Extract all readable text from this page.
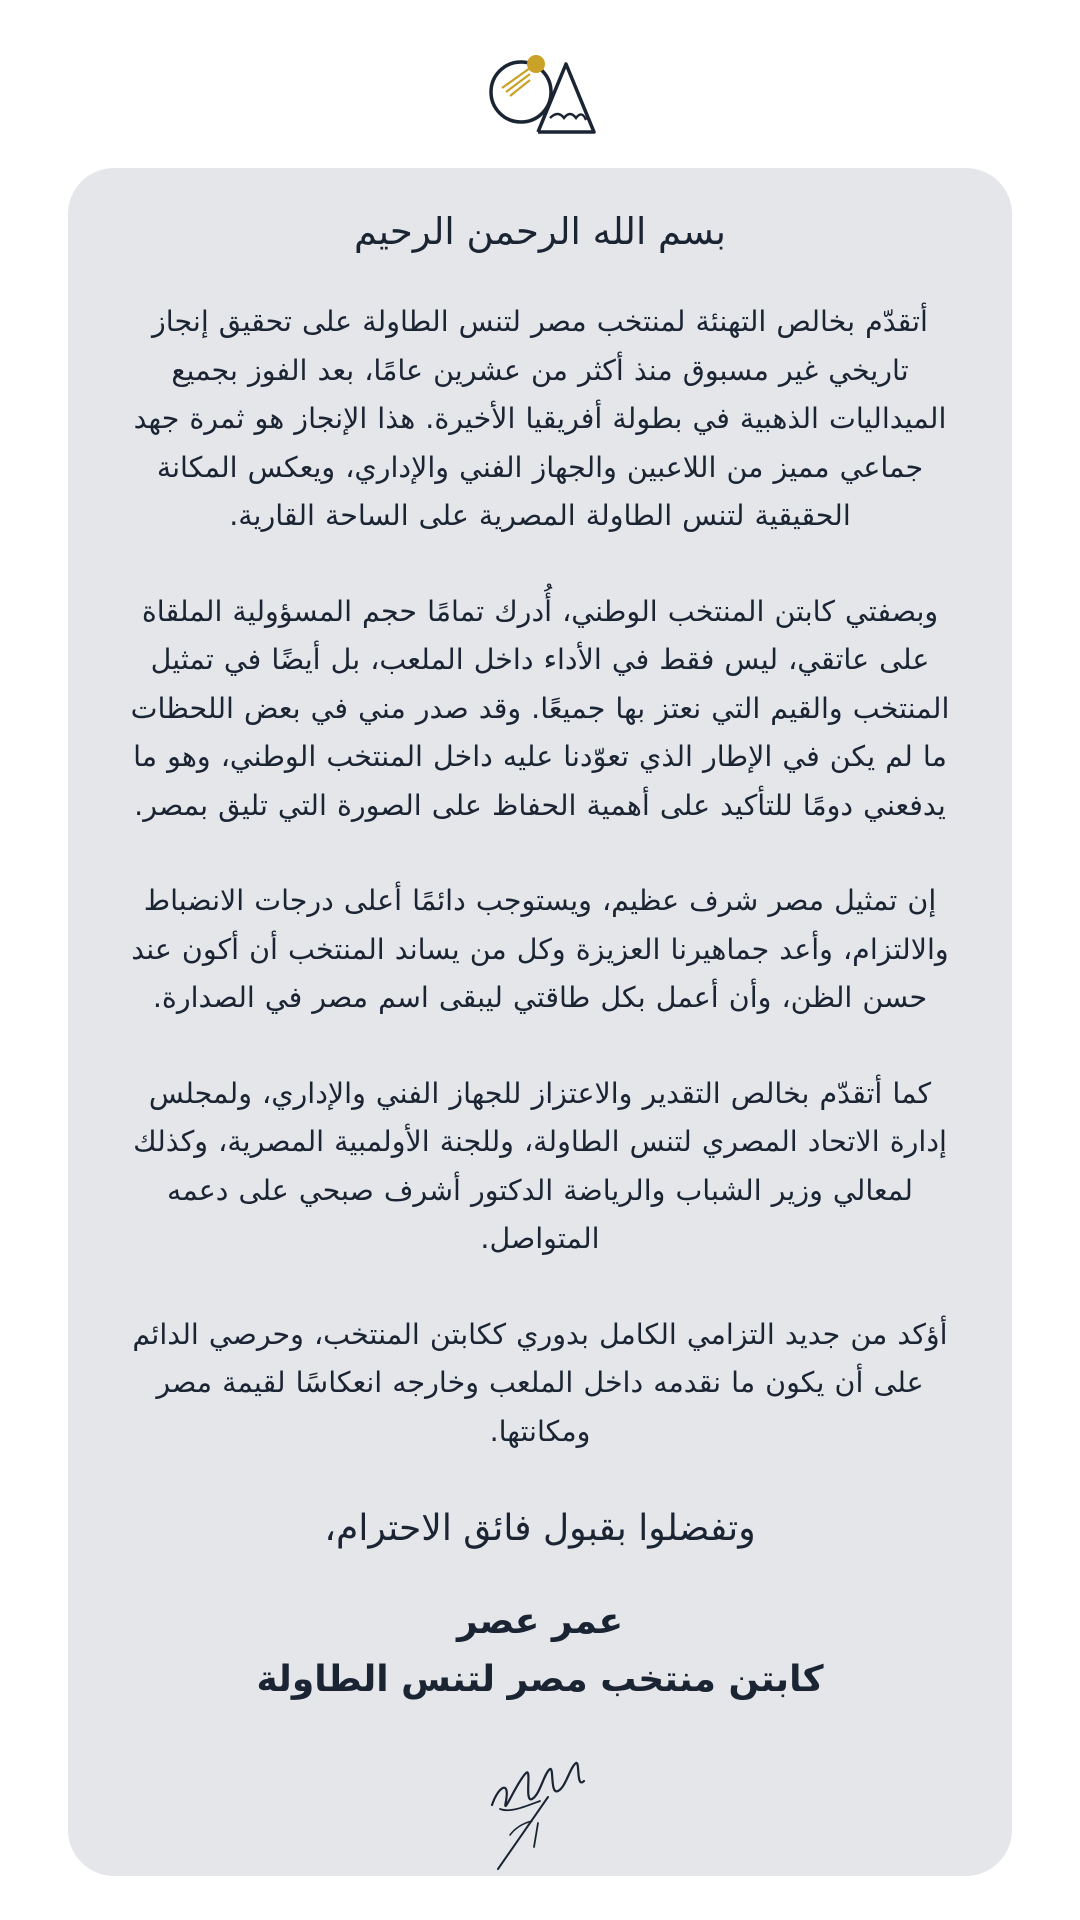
بسم الله الرحمن الرحيم

أتقدّم بخالص التهنئة لمنتخب مصر لتنس الطاولة على تحقيق إنجاز تاريخي غير مسبوق منذ أكثر من عشرين عامًا، بعد الفوز بجميع الميداليات الذهبية في بطولة أفريقيا الأخيرة. هذا الإنجاز هو ثمرة جهد جماعي مميز من اللاعبين والجهاز الفني والإداري، ويعكس المكانة الحقيقية لتنس الطاولة المصرية على الساحة القارية.

وبصفتي كابتن المنتخب الوطني، أُدرك تمامًا حجم المسؤولية الملقاة على عاتقي، ليس فقط في الأداء داخل الملعب، بل أيضًا في تمثيل المنتخب والقيم التي نعتز بها جميعًا. وقد صدر مني في بعض اللحظات ما لم يكن في الإطار الذي تعوّدنا عليه داخل المنتخب الوطني، وهو ما يدفعني دومًا للتأكيد على أهمية الحفاظ على الصورة التي تليق بمصر.

إن تمثيل مصر شرف عظيم، ويستوجب دائمًا أعلى درجات الانضباط والالتزام، وأعد جماهيرنا العزيزة وكل من يساند المنتخب أن أكون عند حسن الظن، وأن أعمل بكل طاقتي ليبقى اسم مصر في الصدارة.

كما أتقدّم بخالص التقدير والاعتزاز للجهاز الفني والإداري، ولمجلس إدارة الاتحاد المصري لتنس الطاولة، وللجنة الأولمبية المصرية، وكذلك لمعالي وزير الشباب والرياضة الدكتور أشرف صبحي على دعمه المتواصل.

أؤكد من جديد التزامي الكامل بدوري ككابتن المنتخب، وحرصي الدائم على أن يكون ما نقدمه داخل الملعب وخارجه انعكاسًا لقيمة مصر ومكانتها.

وتفضلوا بقبول فائق الاحترام،

عمر عصر

كابتن منتخب مصر لتنس الطاولة
